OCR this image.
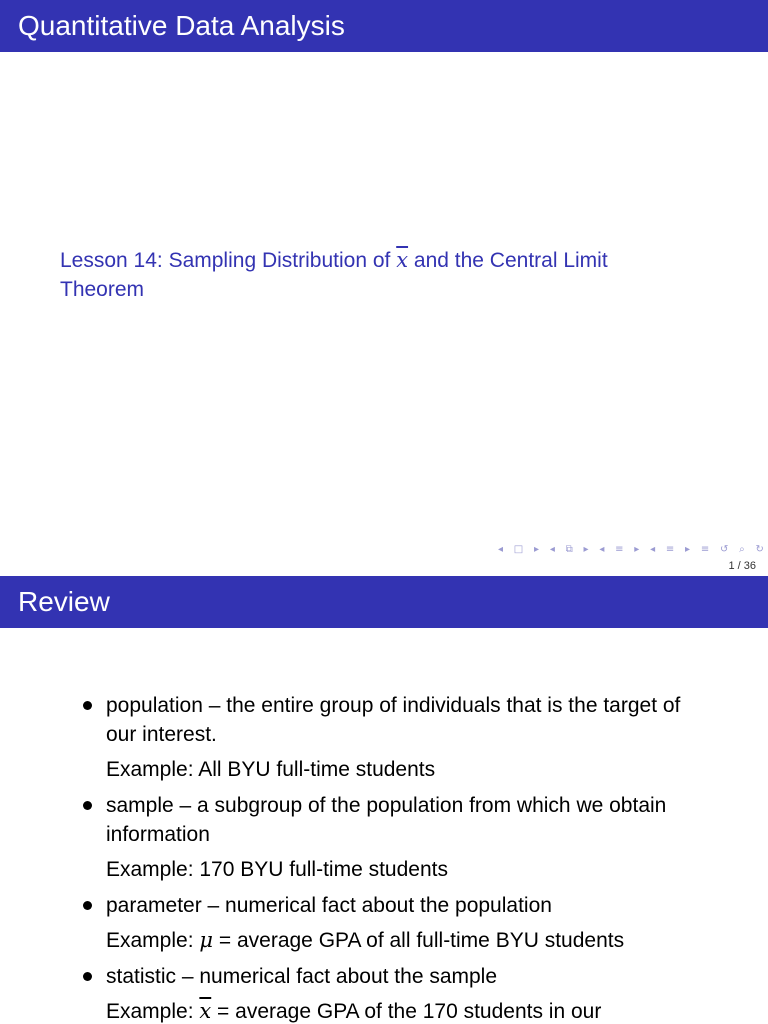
Quantitative Data Analysis
Lesson 14: Sampling Distribution of $\overline{x}$ and the Central Limit
Theorem
◂ □ ▸ ◂ ⧉ ▸ ◂ ≡ ▸ ◂ ≡ ▸ ≡ ↺ ⌕ ↻
1 / 36
Review
population – the entire group of individuals that is the target of our interest.
Example: All BYU full-time students
sample – a subgroup of the population from which we obtain information
Example: 170 BYU full-time students
parameter – numerical fact about the population
Example: μ = average GPA of all full-time BYU students
statistic – numerical fact about the sample
Example: $\overline{x}$ = average GPA of the 170 students in our
